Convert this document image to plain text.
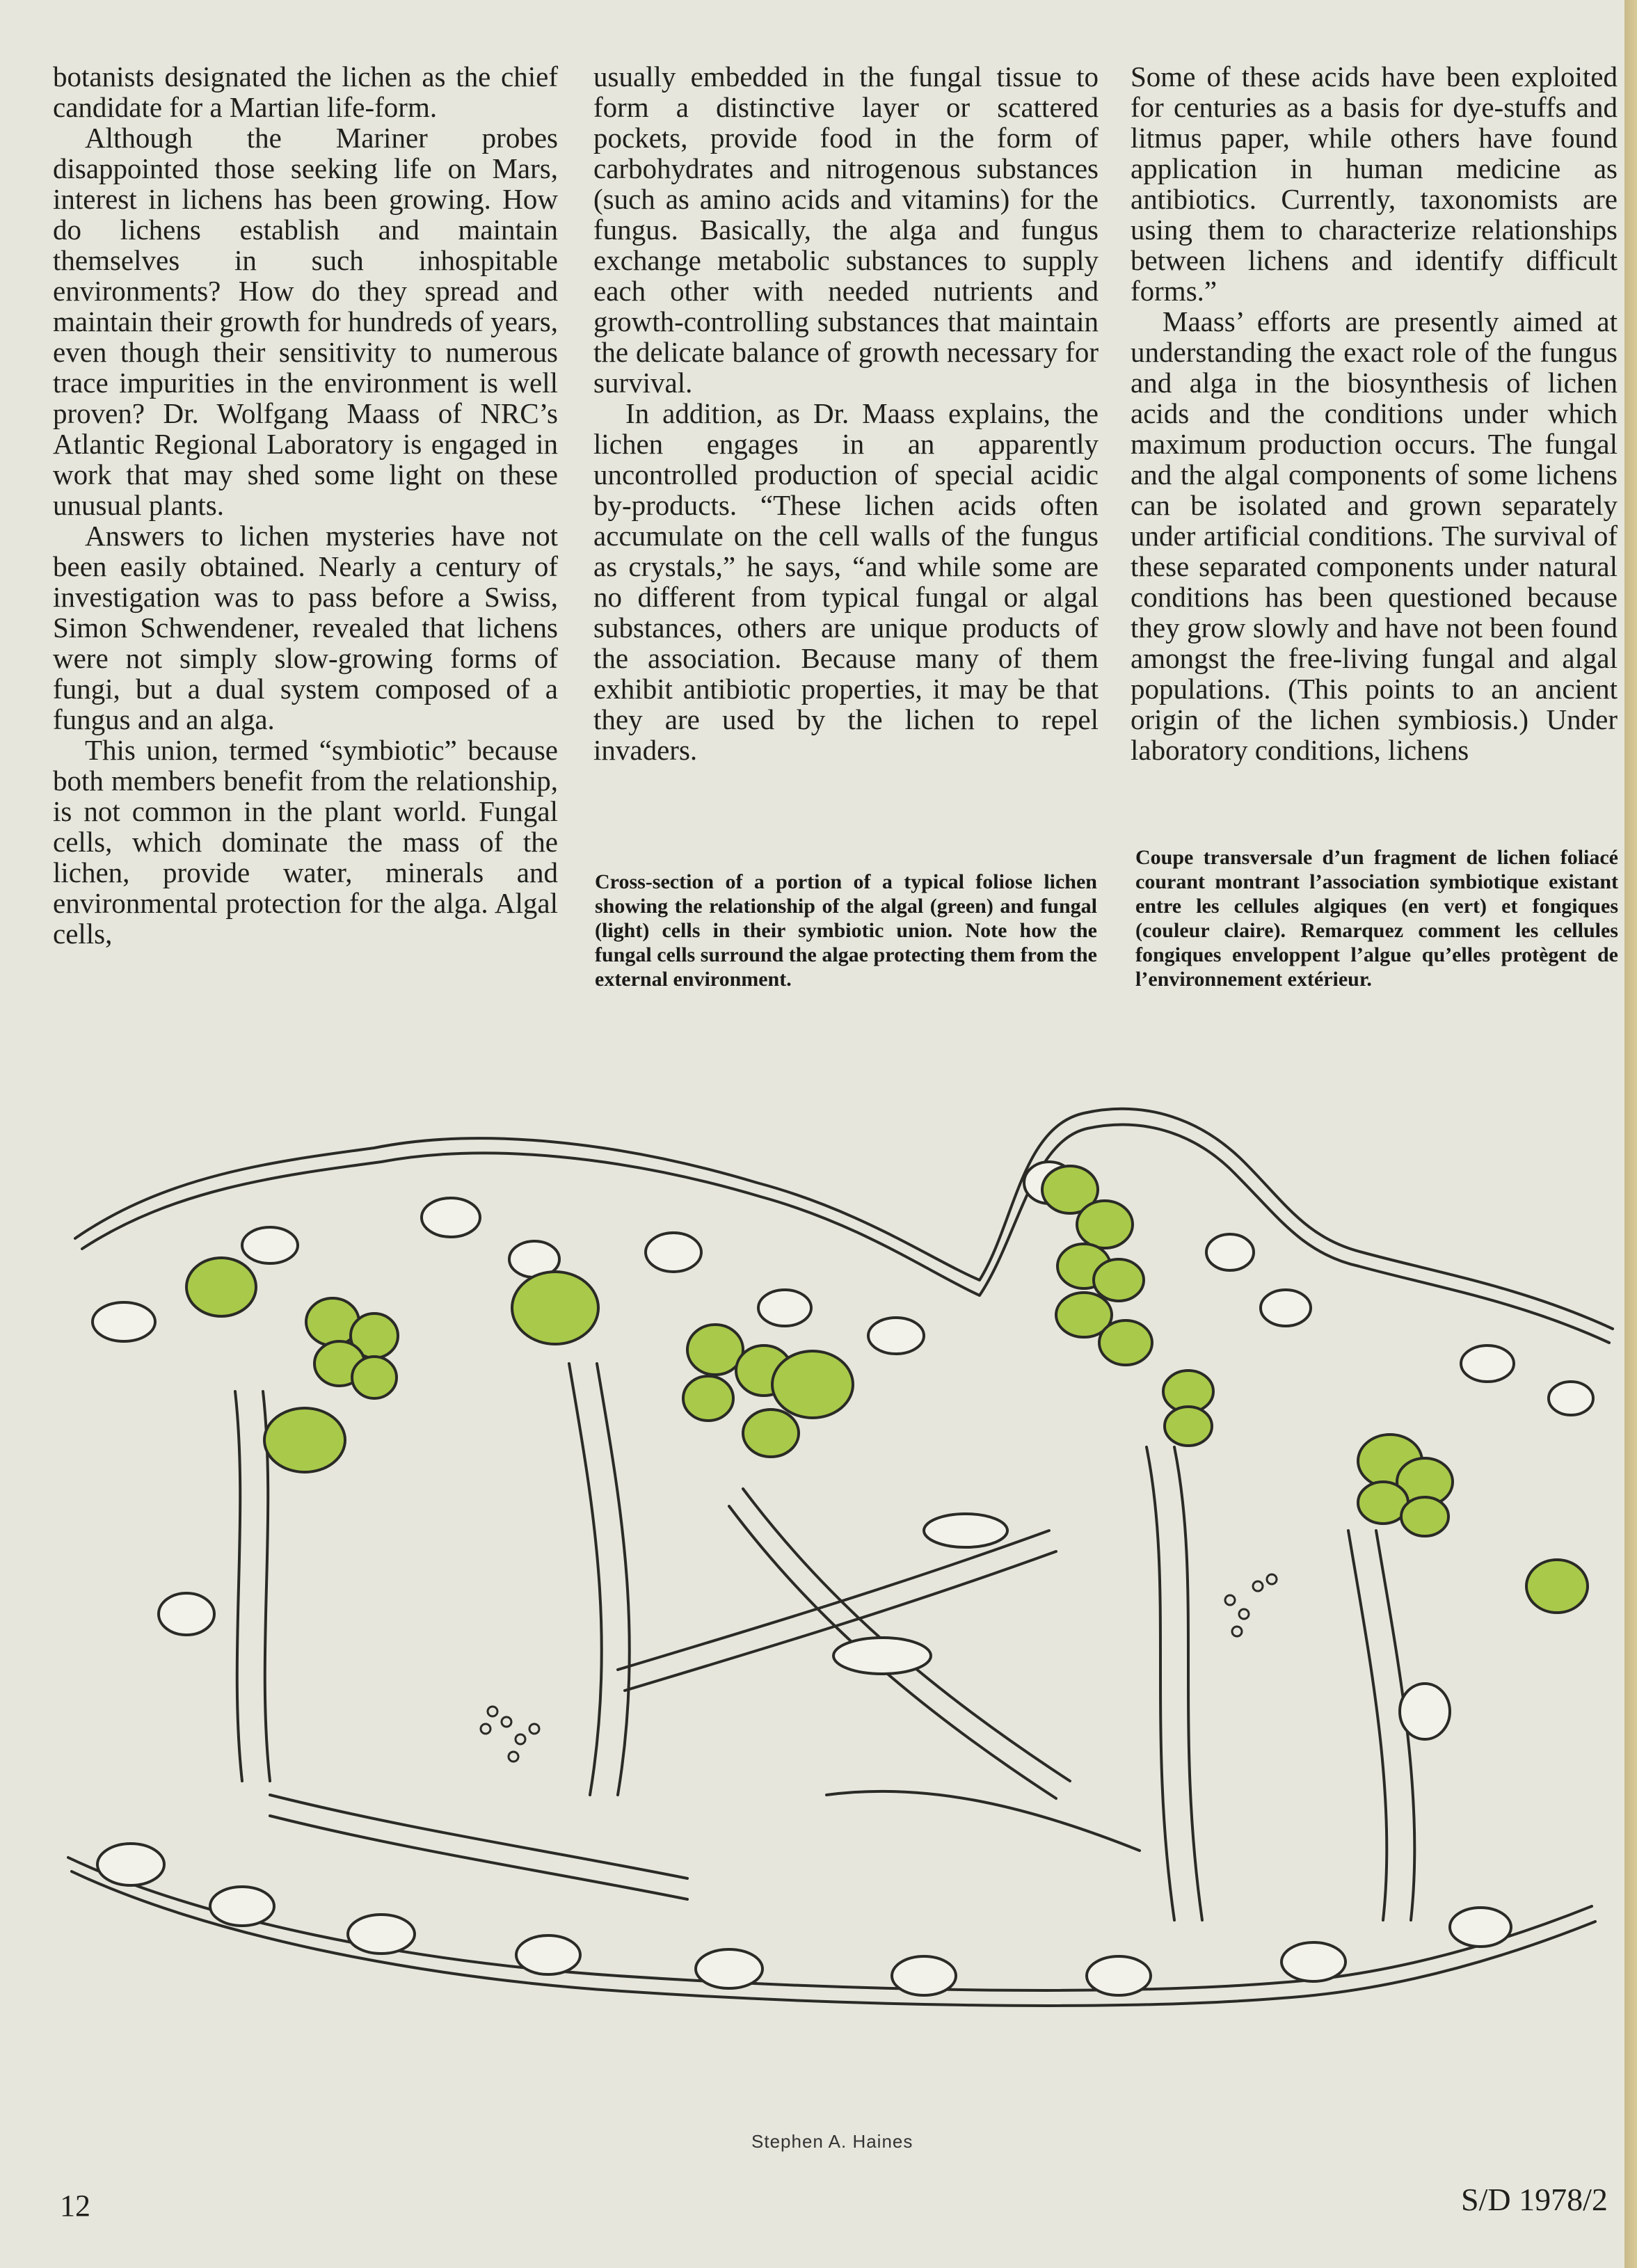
botanists designated the lichen as the chief candidate for a Martian life-form.

Although the Mariner probes disappointed those seeking life on Mars, interest in lichens has been growing. How do lichens establish and maintain themselves in such inhospitable environments? How do they spread and maintain their growth for hundreds of years, even though their sensitivity to numerous trace impurities in the environment is well proven? Dr. Wolfgang Maass of NRC’s Atlantic Regional Laboratory is engaged in work that may shed some light on these unusual plants.

Answers to lichen mysteries have not been easily obtained. Nearly a century of investigation was to pass before a Swiss, Simon Schwendener, revealed that lichens were not simply slow-growing forms of fungi, but a dual system composed of a fungus and an alga.

This union, termed “symbiotic” because both members benefit from the relationship, is not common in the plant world. Fungal cells, which dominate the mass of the lichen, provide water, minerals and environmental protection for the alga. Algal cells,

usually embedded in the fungal tissue to form a distinctive layer or scattered pockets, provide food in the form of carbohydrates and nitrogenous substances (such as amino acids and vitamins) for the fungus. Basically, the alga and fungus exchange metabolic substances to supply each other with needed nutrients and growth-controlling substances that maintain the delicate balance of growth necessary for survival.

In addition, as Dr. Maass explains, the lichen engages in an apparently uncontrolled production of special acidic by-products. “These lichen acids often accumulate on the cell walls of the fungus as crystals,” he says, “and while some are no different from typical fungal or algal substances, others are unique products of the association. Because many of them exhibit antibiotic properties, it may be that they are used by the lichen to repel invaders.

Some of these acids have been exploited for centuries as a basis for dye-stuffs and litmus paper, while others have found application in human medicine as antibiotics. Currently, taxonomists are using them to characterize relationships between lichens and identify difficult forms.”

Maass’ efforts are presently aimed at understanding the exact role of the fungus and alga in the biosynthesis of lichen acids and the conditions under which maximum production occurs. The fungal and the algal components of some lichens can be isolated and grown separately under artificial conditions. The survival of these separated components under natural conditions has been questioned because they grow slowly and have not been found amongst the free-living fungal and algal populations. (This points to an ancient origin of the lichen symbiosis.) Under laboratory conditions, lichens

Cross-section of a portion of a typical foliose lichen showing the relationship of the algal (green) and fungal (light) cells in their symbiotic union. Note how the fungal cells surround the algae protecting them from the external environment.
Coupe transversale d’un fragment de lichen foliacé courant montrant l’association symbiotique existant entre les cellules algiques (en vert) et fongiques (couleur claire). Remarquez comment les cellules fongiques enveloppent l’algue qu’elles protègent de l’environnement extérieur.
Stephen A. Haines
12	S/D 1978/2
